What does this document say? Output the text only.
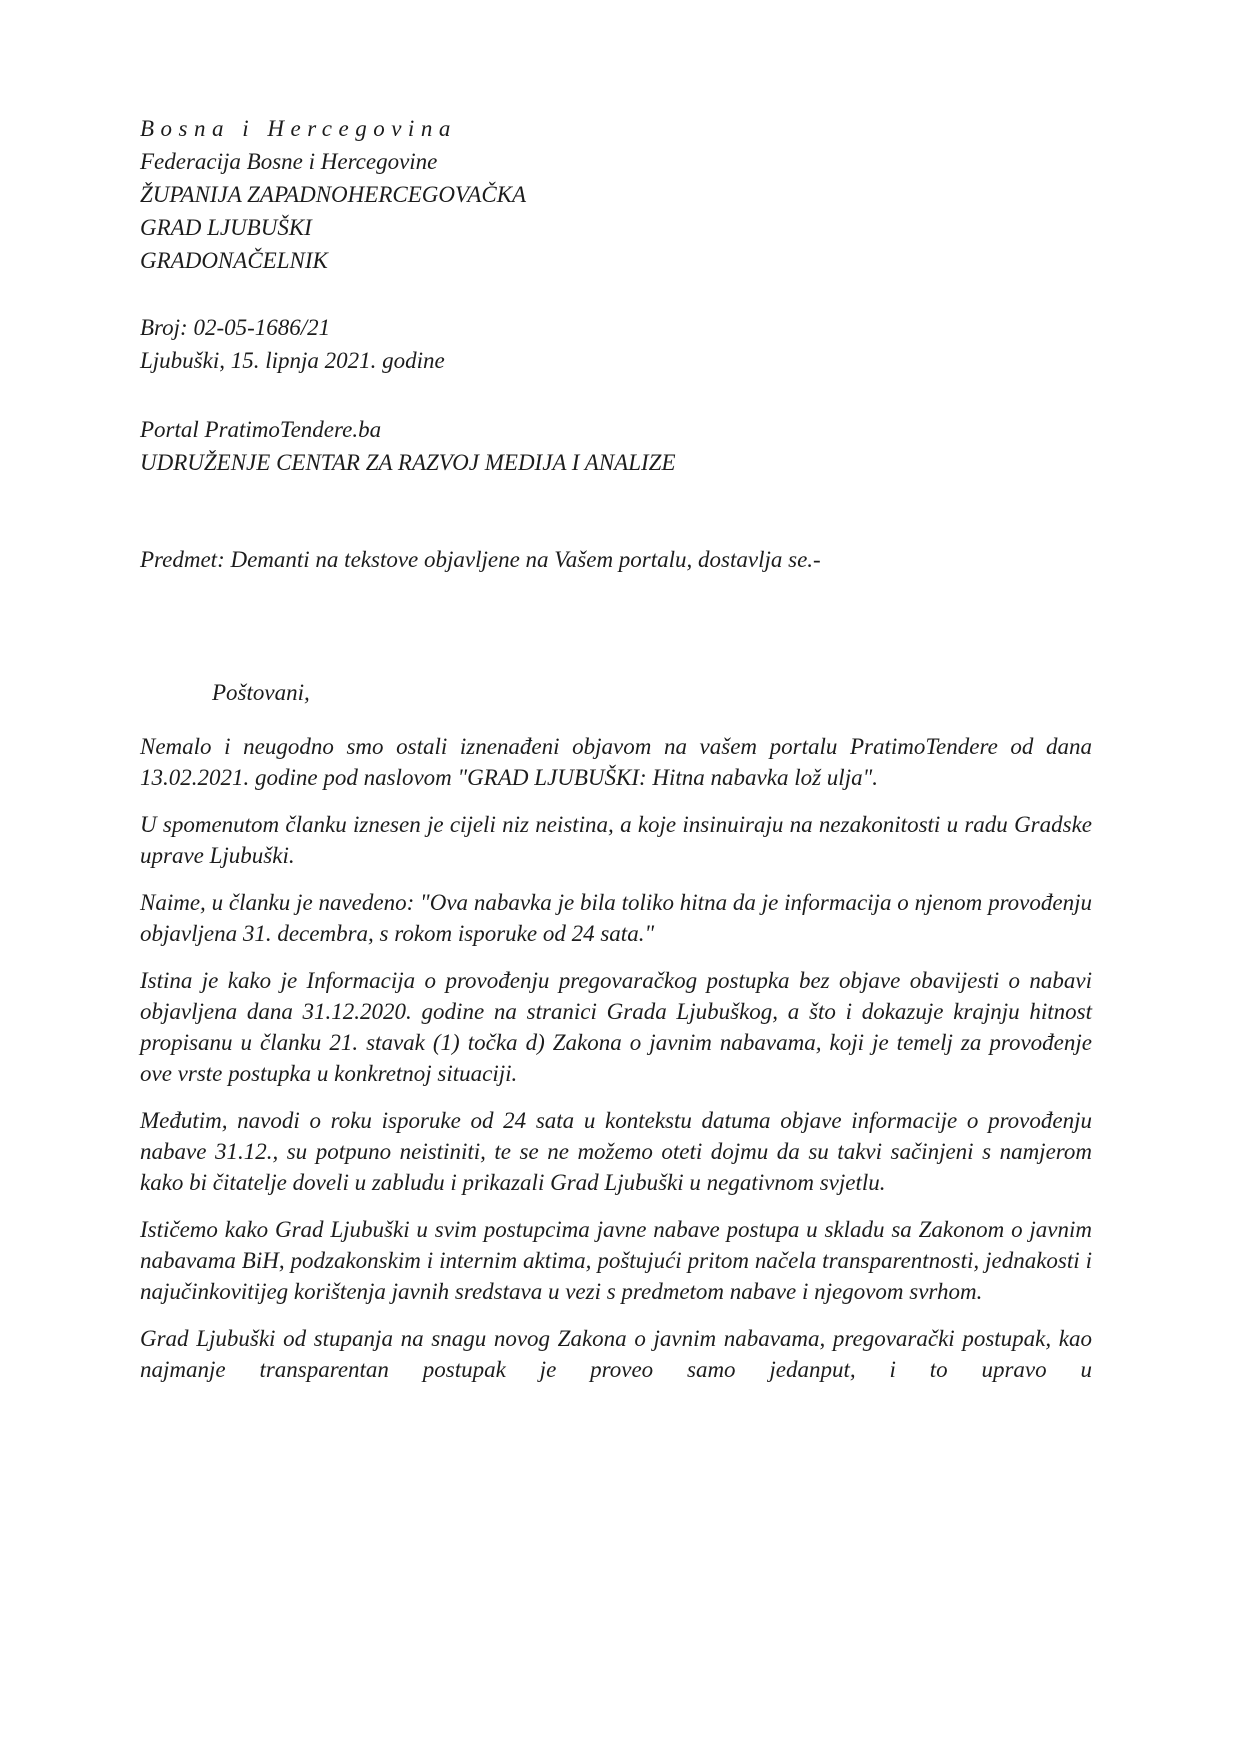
Bosna i Hercegovina
Federacija Bosne i Hercegovine
ŽUPANIJA ZAPADNOHERCEGOVAČKA
GRAD LJUBUŠKI
GRADONAČELNIK
Broj: 02-05-1686/21
Ljubuški, 15. lipnja 2021. godine
Portal PratimoTendere.ba
UDRUŽENJE CENTAR ZA RAZVOJ MEDIJA I ANALIZE
Predmet: Demanti na tekstove objavljene na Vašem portalu, dostavlja se.-
Poštovani,

Nemalo i neugodno smo ostali iznenađeni objavom na vašem portalu PratimoTendere od dana 13.02.2021. godine pod naslovom "GRAD LJUBUŠKI: Hitna nabavka lož ulja".

U spomenutom članku iznesen je cijeli niz neistina, a koje insinuiraju na nezakonitosti u radu Gradske uprave Ljubuški.

Naime, u članku je navedeno: "Ova nabavka je bila toliko hitna da je informacija o njenom provođenju objavljena 31. decembra, s rokom isporuke od 24 sata."

Istina je kako je Informacija o provođenju pregovaračkog postupka bez objave obavijesti o nabavi objavljena dana 31.12.2020. godine na stranici Grada Ljubuškog, a što i dokazuje krajnju hitnost propisanu u članku 21. stavak (1) točka d) Zakona o javnim nabavama, koji je temelj za provođenje ove vrste postupka u konkretnoj situaciji.

Međutim, navodi o roku isporuke od 24 sata u kontekstu datuma objave informacije o provođenju nabave 31.12., su potpuno neistiniti, te se ne možemo oteti dojmu da su takvi sačinjeni s namjerom kako bi čitatelje doveli u zabludu i prikazali Grad Ljubuški u negativnom svjetlu.

Ističemo kako Grad Ljubuški u svim postupcima javne nabave postupa u skladu sa Zakonom o javnim nabavama BiH, podzakonskim i internim aktima, poštujući pritom načela transparentnosti, jednakosti i najučinkovitijeg korištenja javnih sredstava u vezi s predmetom nabave i njegovom svrhom.

Grad Ljubuški od stupanja na snagu novog Zakona o javnim nabavama, pregovarački postupak, kao najmanje transparentan postupak je proveo samo jedanput, i to upravo u
